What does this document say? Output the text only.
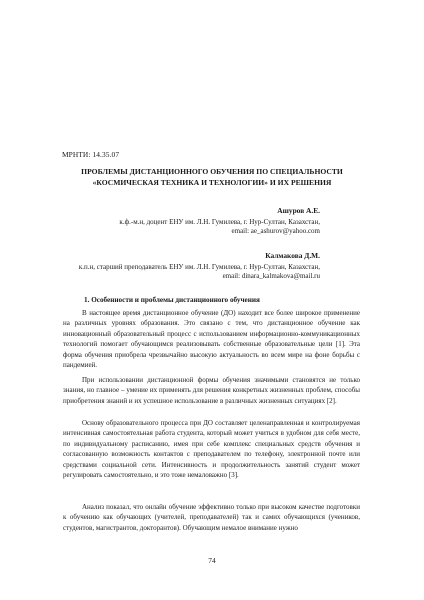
МРНТИ: 14.35.07
ПРОБЛЕМЫ ДИСТАНЦИОННОГО ОБУЧЕНИЯ ПО СПЕЦИАЛЬНОСТИ
«КОСМИЧЕСКАЯ ТЕХНИКА И ТЕХНОЛОГИИ» И ИХ РЕШЕНИЯ
Ашуров А.Е.
к.ф.-м.н, доцент ЕНУ им. Л.Н. Гумилева, г. Нур-Султан, Казахстан,
email: ae_ashurov@yahoo.com
Калмакова Д.М.
к.п.н, старший преподаватель ЕНУ им. Л.Н. Гумилева, г. Нур-Султан, Казахстан,
email: dinara_kalmakova@mail.ru
1. Особенности и проблемы дистанционного обучения

В настоящее время дистанционное обучение (ДО) находит все более широкое применение на различных уровнях образования. Это связано с тем, что дистанционное обучение как инновационный образовательный процесс с использованием информационно-коммуникационных технологий помогает обучающимся реализовывать собственные образовательные цели [1]. Эта форма обучения приобрела чрезвычайно высокую актуальность во всем мире на фоне борьбы с пандемией.

При использовании дистанционной формы обучения значимыми становятся не только знания, но главное – умение их применять для решения конкретных жизненных проблем, способы приобретения знаний и их успешное использование в различных жизненных ситуациях [2].

Основу образовательного процесса при ДО составляет целенаправленная и контролируемая интенсивная самостоятельная работа студента, который может учиться в удобном для себя месте, по индивидуальному расписанию, имея при себе комплекс специальных средств обучения и согласованную возможность контактов с преподавателем по телефону, электронной почте или средствами социальной сети. Интенсивность и продолжительность занятий студент может регулировать самостоятельно, и это тоже немаловажно [3].

Анализ показал, что онлайн обучение эффективно только при высоком качестве подготовки к обучению как обучающих (учителей, преподавателей) так и самих обучающихся (учеников, студентов, магистрантов, докторантов). Обучающим немалое внимание нужно

74
